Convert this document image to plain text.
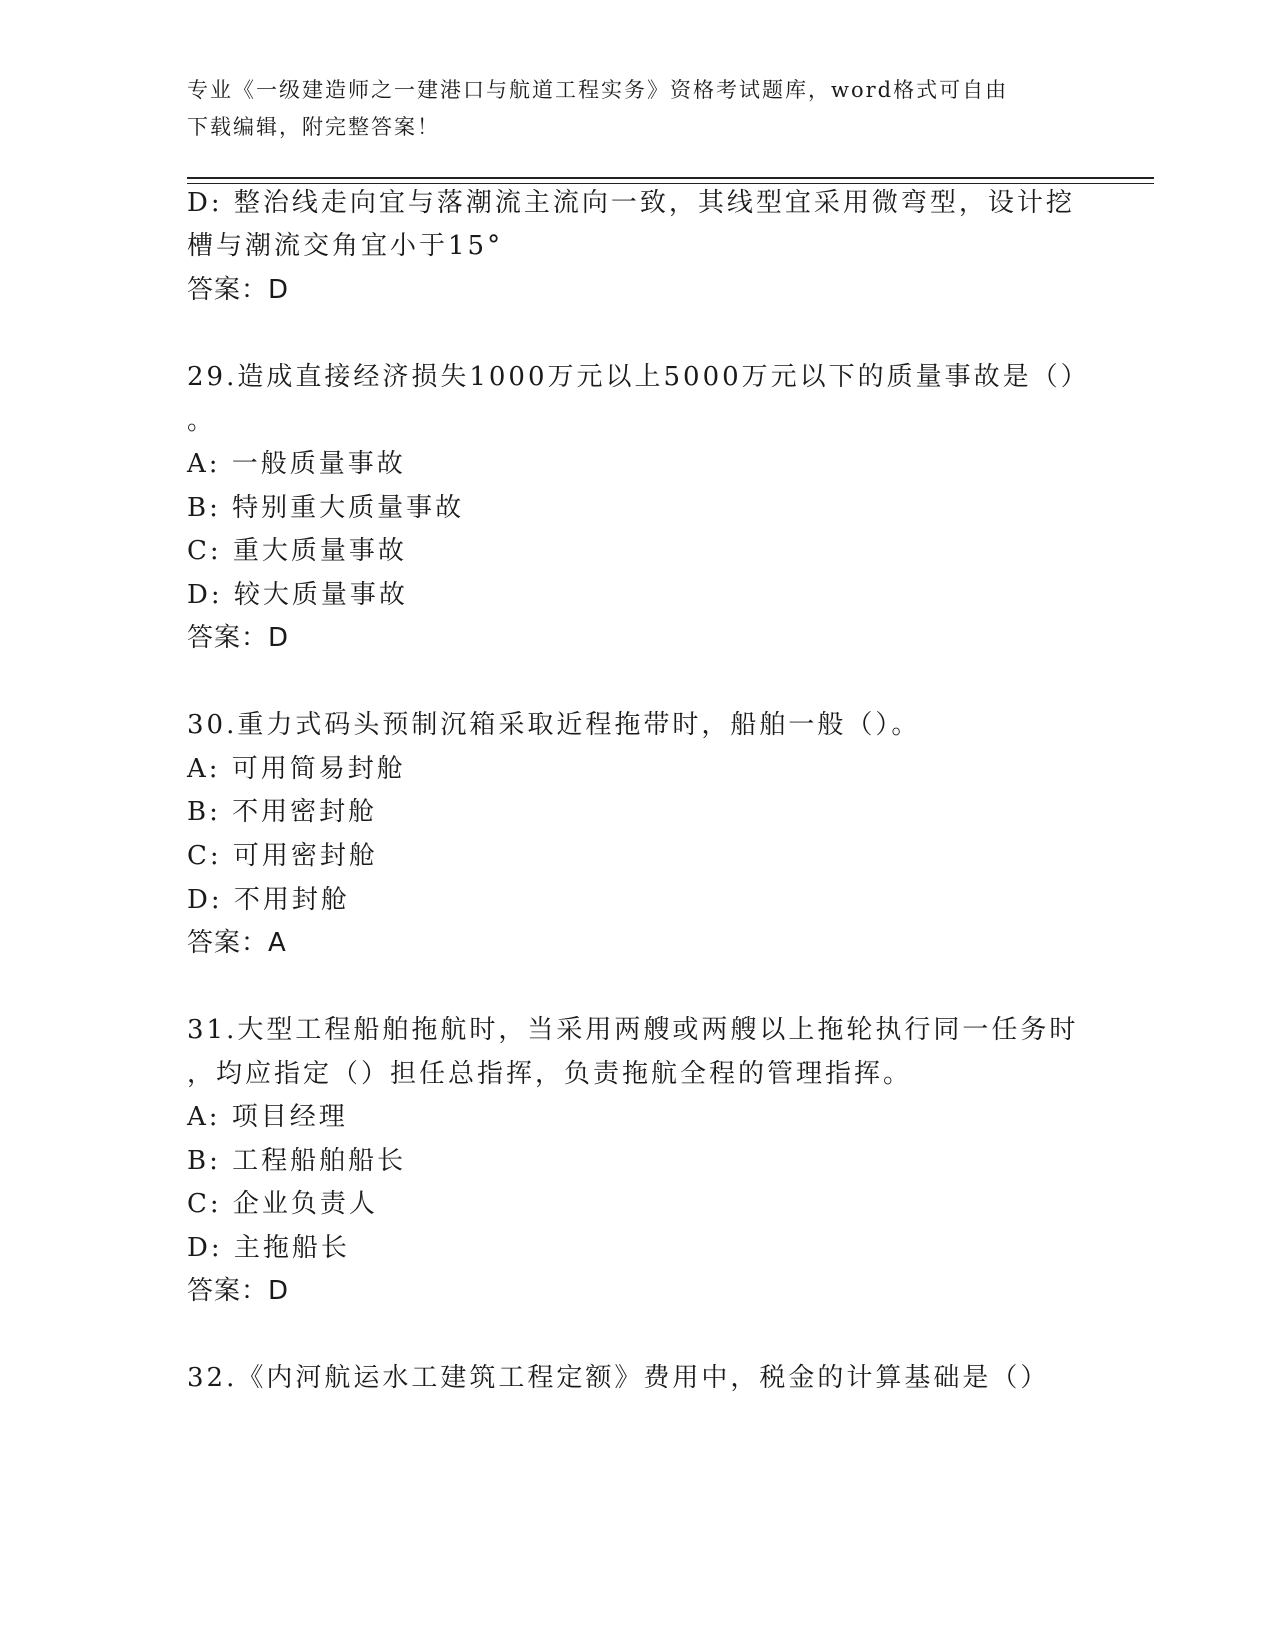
专业《一级建造师之一建港口与航道工程实务》资格考试题库，word格式可自由
下载编辑，附完整答案！
D: 整治线走向宜与落潮流主流向一致，其线型宜采用微弯型，设计挖
槽与潮流交角宜小于15°
答案：D
29.造成直接经济损失1000万元以上5000万元以下的质量事故是（）
。
A: 一般质量事故
B: 特别重大质量事故
C: 重大质量事故
D: 较大质量事故
答案：D
30.重力式码头预制沉箱采取近程拖带时，船舶一般（）。
A: 可用简易封舱
B: 不用密封舱
C: 可用密封舱
D: 不用封舱
答案：A
31.大型工程船舶拖航时，当采用两艘或两艘以上拖轮执行同一任务时
，均应指定（）担任总指挥，负责拖航全程的管理指挥。
A: 项目经理
B: 工程船舶船长
C: 企业负责人
D: 主拖船长
答案：D
32.《内河航运水工建筑工程定额》费用中，税金的计算基础是（）
